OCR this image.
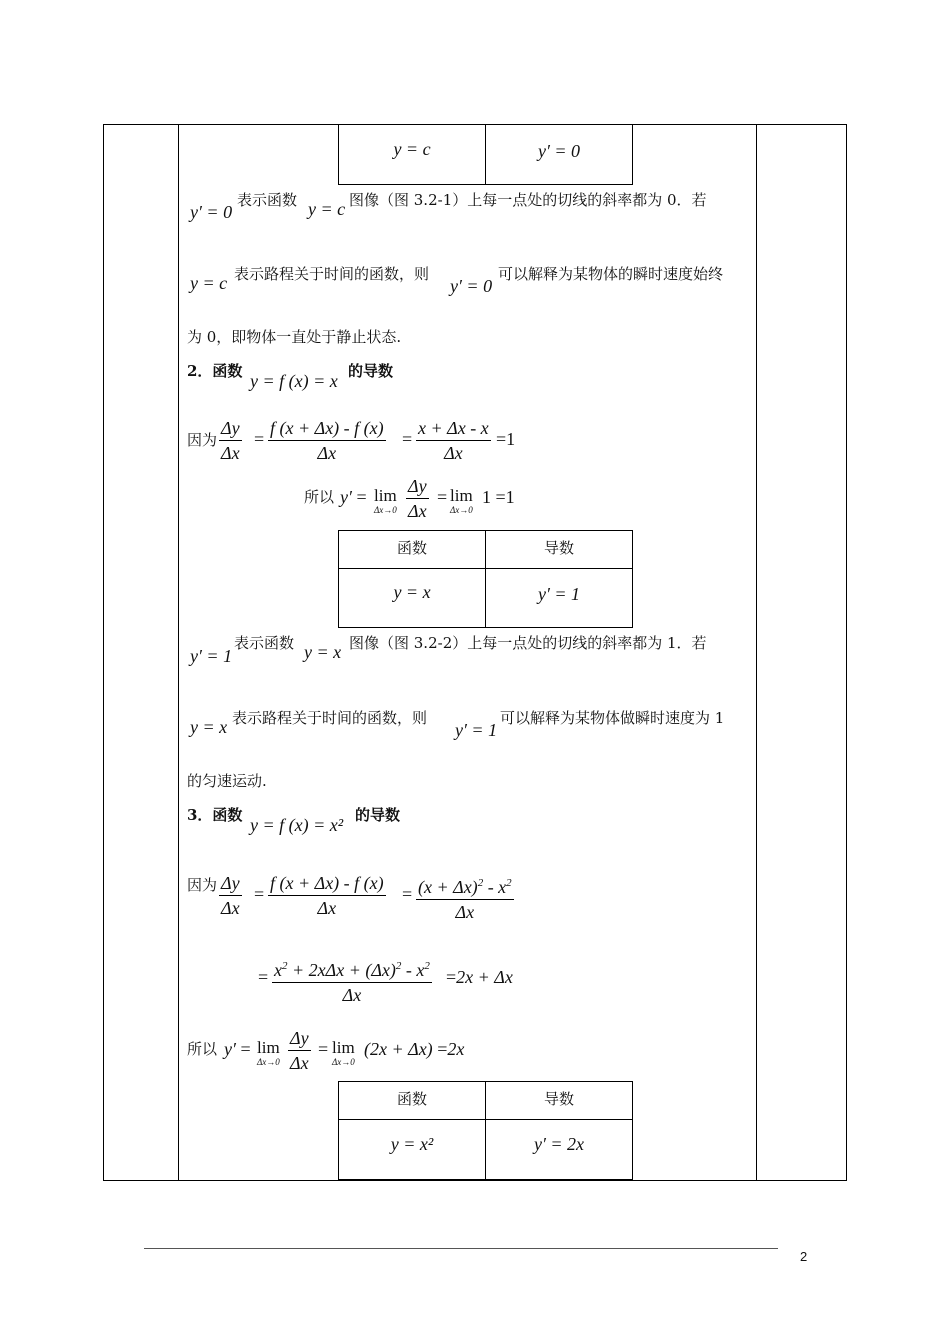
y = c	y′ = 0
y′ = 0
表示函数 y = c 图像（图 3.2-1）上每一点处的切线的斜率都为 0．若
y = c 表示路程关于时间的函数，则
y′ = 0
可以解释为某物体的瞬时速度始终
为 0，即物体一直处于静止状态.
2．函数 y = f (x) = x 的导数
因为
Δy
Δx
=
f (x + Δx) - f (x)
Δx
=
x + Δx - x
Δx
=1
所以 y′ = lim
Δx→0
Δy
Δx
= lim
Δx→0
1 =1
函数	导数
y = x	y′ = 1
y′ = 1
表示函数 y = x 图像（图 3.2-2）上每一点处的切线的斜率都为 1．若
y = x 表示路程关于时间的函数，则
y′ = 1
可以解释为某物体做瞬时速度为 1
的匀速运动.
3．函数 y = f (x) = x² 的导数
因为 Δy
Δx
=
f (x + Δx) - f (x)
Δx
= $(x + \Delta x)^2 - x^2$
Δx
= $x^2 + 2x\Delta x + (\Delta x)^2 - x^2$
Δx
=2x + Δx
所以 y′ = lim
Δx→0
Δy
Δx
= lim
Δx→0
(2x + Δx) =2x
函数	导数
y = x²	y′ = 2x
2
